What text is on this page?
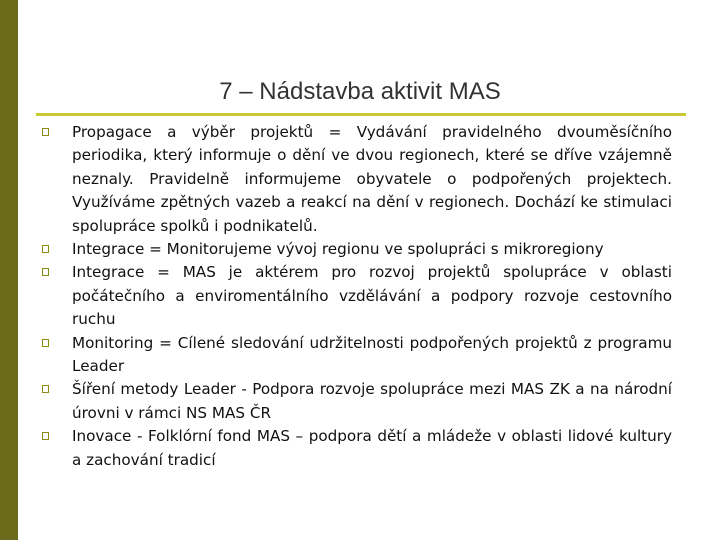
7 – Nádstavba aktivit MAS
Propagace a výběr projektů = Vydávání pravidelného dvouměsíčního periodika, který informuje o dění ve dvou regionech, které se dříve vzájemně neznaly. Pravidelně informujeme obyvatele o podpořených projektech. Využíváme zpětných vazeb a reakcí na dění v regionech. Dochází ke stimulaci spolupráce spolků i podnikatelů.
Integrace = Monitorujeme vývoj regionu ve spolupráci s mikroregiony
Integrace = MAS je aktérem pro rozvoj projektů spolupráce v oblasti počátečního a enviromentálního vzdělávání a podpory rozvoje cestovního ruchu
Monitoring = Cílené sledování udržitelnosti podpořených projektů z programu Leader
Šíření metody Leader - Podpora rozvoje spolupráce mezi MAS ZK a na národní úrovni v rámci NS MAS ČR
Inovace - Folklórní fond MAS – podpora dětí a mládeže v oblasti lidové kultury a zachování tradicí
